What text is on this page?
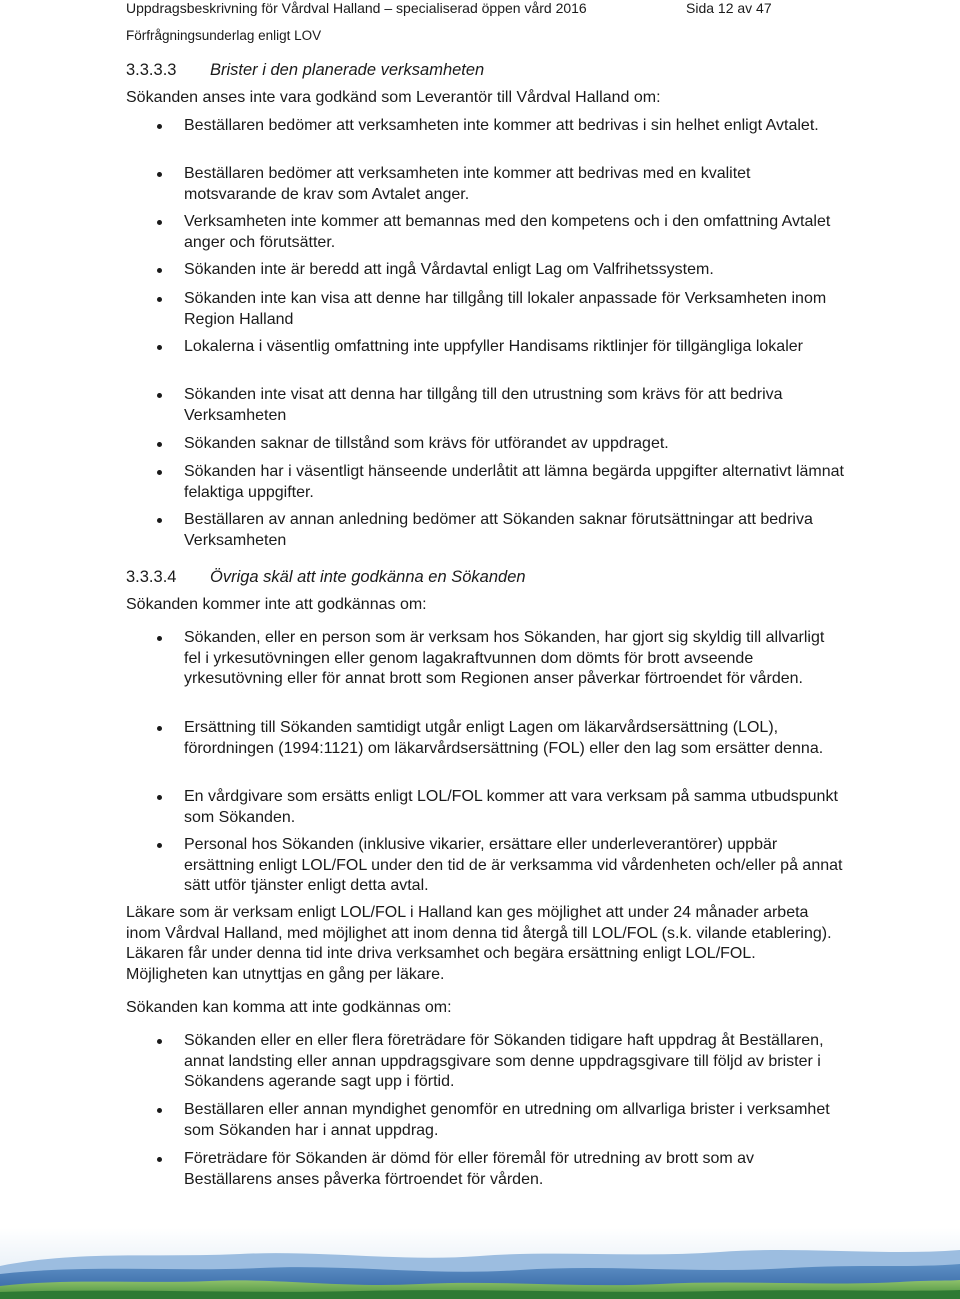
Uppdragsbeskrivning för Vårdval Halland – specialiserad öppen vård 2016	Sida 12 av 47
Förfrågningsunderlag enligt LOV
3.3.3.3 Brister i den planerade verksamheten

Sökanden anses inte vara godkänd som Leverantör till Vårdval Halland om:

Beställaren bedömer att verksamheten inte kommer att bedrivas i sin helhet enligt Avtalet.
Beställaren bedömer att verksamheten inte kommer att bedrivas med en kvalitet motsvarande de krav som Avtalet anger.
Verksamheten inte kommer att bemannas med den kompetens och i den omfattning Avtalet anger och förutsätter.
Sökanden inte är beredd att ingå Vårdavtal enligt Lag om Valfrihetssystem.
Sökanden inte kan visa att denne har tillgång till lokaler anpassade för Verksamheten inom Region Halland
Lokalerna i väsentlig omfattning inte uppfyller Handisams riktlinjer för tillgängliga lokaler
Sökanden inte visat att denna har tillgång till den utrustning som krävs för att bedriva Verksamheten
Sökanden saknar de tillstånd som krävs för utförandet av uppdraget.
Sökanden har i väsentligt hänseende underlåtit att lämna begärda uppgifter alternativt lämnat felaktiga uppgifter.
Beställaren av annan anledning bedömer att Sökanden saknar förutsättningar att bedriva Verksamheten
3.3.3.4 Övriga skäl att inte godkänna en Sökanden

Sökanden kommer inte att godkännas om:

Sökanden, eller en person som är verksam hos Sökanden, har gjort sig skyldig till allvarligt fel i yrkesutövningen eller genom lagakraftvunnen dom dömts för brott avseende yrkesutövning eller för annat brott som Regionen anser påverkar förtroendet för vården.
Ersättning till Sökanden samtidigt utgår enligt Lagen om läkarvårdsersättning (LOL), förordningen (1994:1121) om läkarvårdsersättning (FOL) eller den lag som ersätter denna.
En vårdgivare som ersätts enligt LOL/FOL kommer att vara verksam på samma utbudspunkt som Sökanden.
Personal hos Sökanden (inklusive vikarier, ersättare eller underleverantörer) uppbär ersättning enligt LOL/FOL under den tid de är verksamma vid vårdenheten och/eller på annat sätt utför tjänster enligt detta avtal.

Läkare som är verksam enligt LOL/FOL i Halland kan ges möjlighet att under 24 månader arbeta inom Vårdval Halland, med möjlighet att inom denna tid återgå till LOL/FOL (s.k. vilande etablering). Läkaren får under denna tid inte driva verksamhet och begära ersättning enligt LOL/FOL. Möjligheten kan utnyttjas en gång per läkare.

Sökanden kan komma att inte godkännas om:

Sökanden eller en eller flera företrädare för Sökanden tidigare haft uppdrag åt Beställaren, annat landsting eller annan uppdragsgivare som denne uppdragsgivare till följd av brister i Sökandens agerande sagt upp i förtid.
Beställaren eller annan myndighet genomför en utredning om allvarliga brister i verksamhet som Sökanden har i annat uppdrag.
Företrädare för Sökanden är dömd för eller föremål för utredning av brott som av Beställarens anses påverka förtroendet för vården.
